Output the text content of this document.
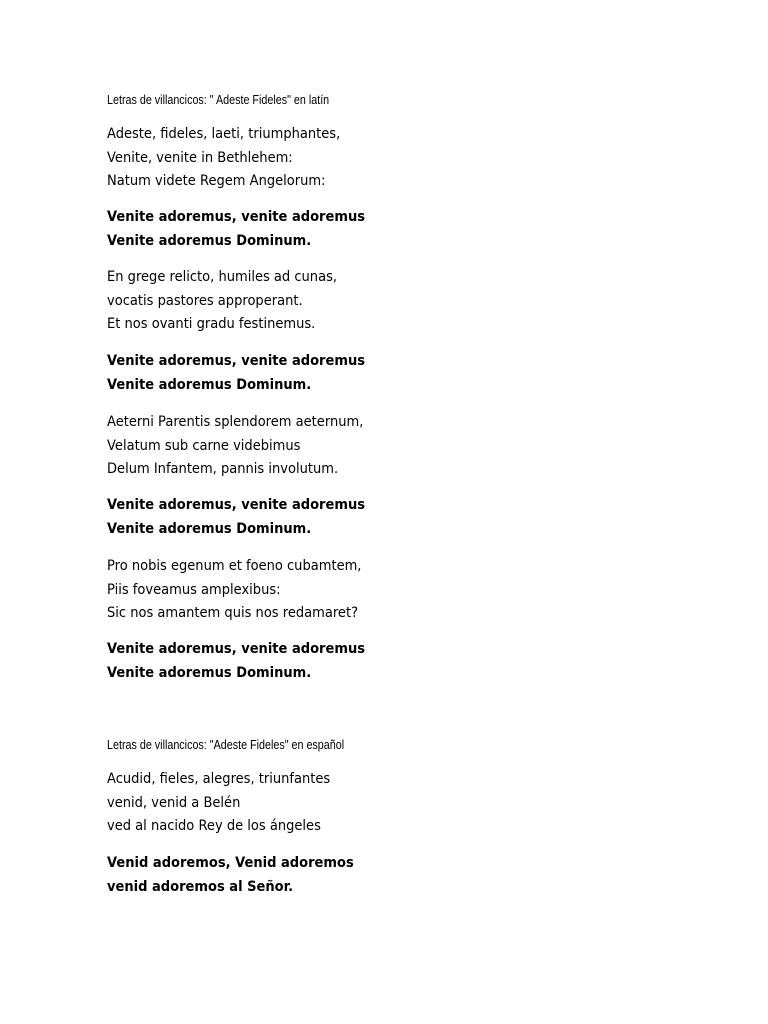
Letras de villancicos: " Adeste Fideles" en latín
Adeste, fideles, laeti, triumphantes,
Venite, venite in Bethlehem:
Natum videte Regem Angelorum:
Venite adoremus, venite adoremus
Venite adoremus Dominum.
En grege relicto, humiles ad cunas,
vocatis pastores approperant.
Et nos ovanti gradu festinemus.
Venite adoremus, venite adoremus
Venite adoremus Dominum.
Aeterni Parentis splendorem aeternum,
Velatum sub carne videbimus
Delum Infantem, pannis involutum.
Venite adoremus, venite adoremus
Venite adoremus Dominum.
Pro nobis egenum et foeno cubamtem,
Piis foveamus amplexibus:
Sic nos amantem quis nos redamaret?
Venite adoremus, venite adoremus
Venite adoremus Dominum.
Letras de villancicos: "Adeste Fideles" en español
Acudid, fieles, alegres, triunfantes
venid, venid a Belén
ved al nacido Rey de los ángeles
Venid adoremos, Venid adoremos
venid adoremos al Señor.
